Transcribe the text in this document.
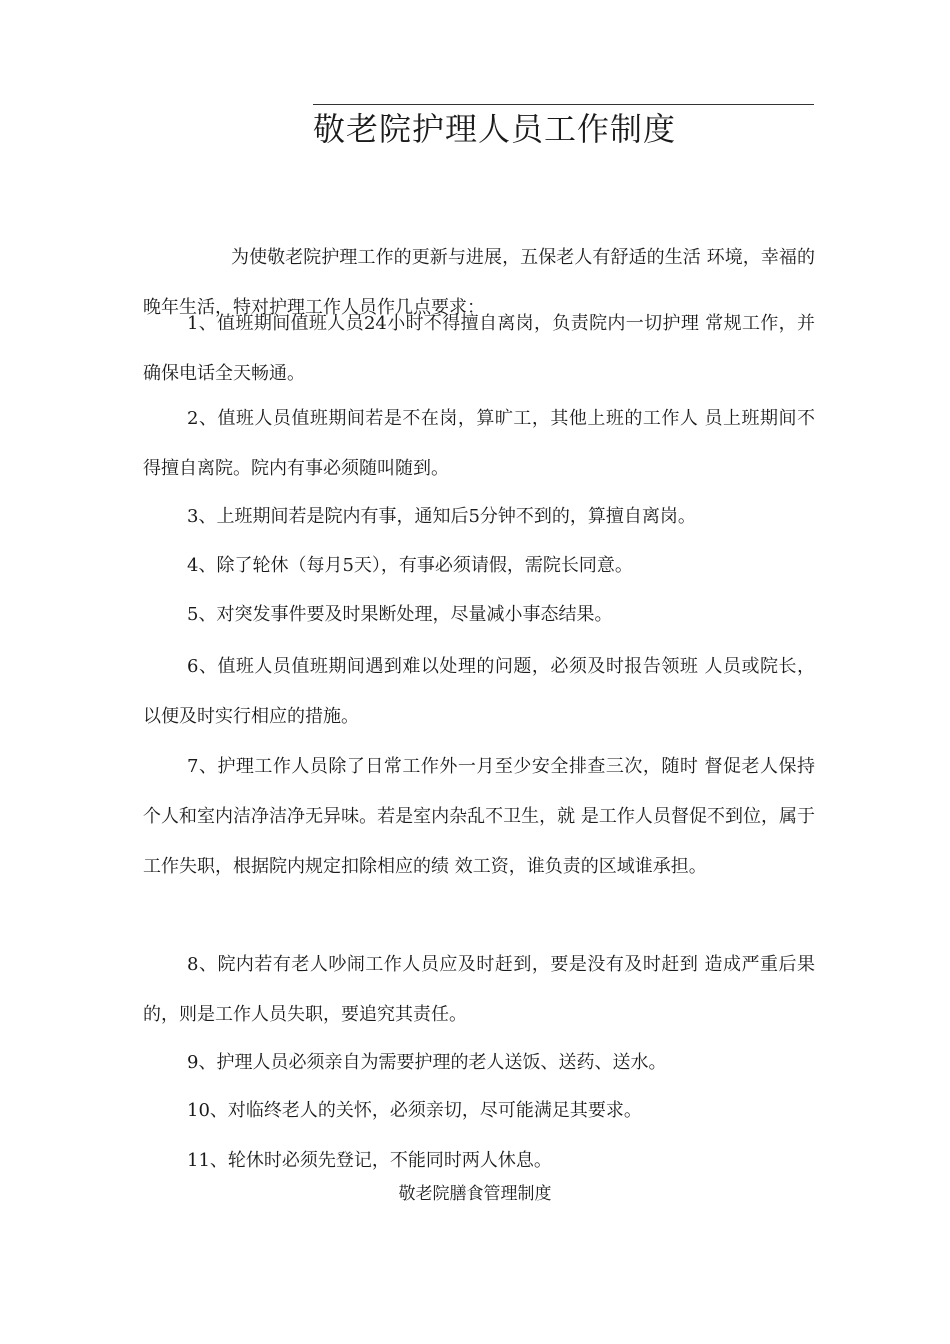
敬老院护理人员工作制度

为使敬老院护理工作的更新与进展，五保老人有舒适的生活 环境，幸福的晚年生活，特对护理工作人员作几点要求：

1、值班期间值班人员24小时不得擅自离岗，负责院内一切护理 常规工作，并确保电话全天畅通。

2、值班人员值班期间若是不在岗，算旷工，其他上班的工作人 员上班期间不得擅自离院。院内有事必须随叫随到。

3、上班期间若是院内有事，通知后5分钟不到的，算擅自离岗。

4、除了轮休（每月5天），有事必须请假，需院长同意。

5、对突发事件要及时果断处理，尽量减小事态结果。

6、值班人员值班期间遇到难以处理的问题，必须及时报告领班 人员或院长，以便及时实行相应的措施。

7、护理工作人员除了日常工作外一月至少安全排查三次，随时 督促老人保持个人和室内洁净洁净无异味。若是室内杂乱不卫生，就 是工作人员督促不到位，属于工作失职，根据院内规定扣除相应的绩 效工资，谁负责的区域谁承担。

8、院内若有老人吵闹工作人员应及时赶到，要是没有及时赶到 造成严重后果的，则是工作人员失职，要追究其责任。

9、护理人员必须亲自为需要护理的老人送饭、送药、送水。

10、对临终老人的关怀，必须亲切，尽可能满足其要求。

11、轮休时必须先登记，不能同时两人休息。

敬老院膳食管理制度
